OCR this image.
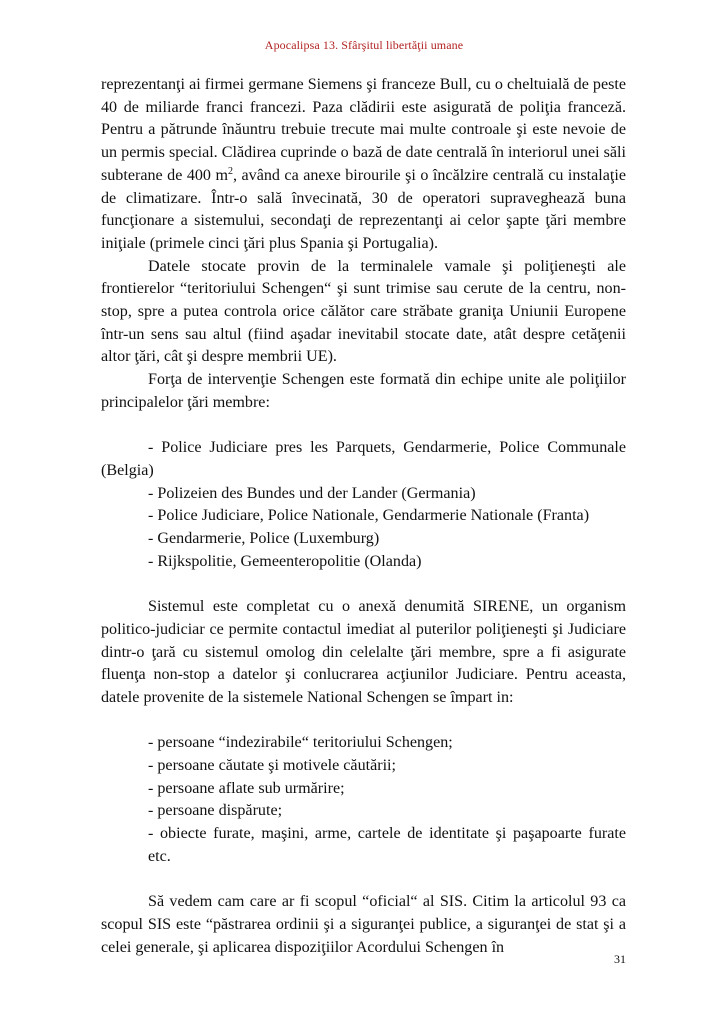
Apocalipsa 13. Sfârşitul libertăţii umane

reprezentanţi ai firmei germane Siemens şi franceze Bull, cu o cheltuială de peste 40 de miliarde franci francezi. Paza clădirii este asigurată de poliţia franceză. Pentru a pătrunde înăuntru trebuie trecute mai multe controale şi este nevoie de un permis special. Clădirea cuprinde o bază de date centrală în interiorul unei săli subterane de 400 $m^2$, având ca anexe birourile şi o încălzire centrală cu instalaţie de climatizare. Într-o sală învecinată, 30 de operatori supraveghează buna funcţionare a sistemului, secondaţi de reprezentanţi ai celor şapte ţări membre iniţiale (primele cinci ţări plus Spania şi Portugalia).

Datele stocate provin de la terminalele vamale şi poliţieneşti ale frontierelor “teritoriului Schengen“ şi sunt trimise sau cerute de la centru, non-stop, spre a putea controla orice călător care străbate graniţa Uniunii Europene într-un sens sau altul (fiind aşadar inevitabil stocate date, atât despre cetăţenii altor ţări, cât şi despre membrii UE).

Forţa de intervenţie Schengen este formată din echipe unite ale poliţiilor principalelor ţări membre:

- Police Judiciare pres les Parquets, Gendarmerie, Police Communale (Belgia)
- Polizeien des Bundes und der Lander (Germania)
- Police Judiciare, Police Nationale, Gendarmerie Nationale (Franta)
- Gendarmerie, Police (Luxemburg)
- Rijkspolitie, Gemeenteropolitie (Olanda)

Sistemul este completat cu o anexă denumită SIRENE, un organism politico-judiciar ce permite contactul imediat al puterilor poliţieneşti şi Judiciare dintr-o ţară cu sistemul omolog din celelalte ţări membre, spre a fi asigurate fluenţa non-stop a datelor şi conlucrarea acţiunilor Judiciare. Pentru aceasta, datele provenite de la sistemele National Schengen se împart in:

- persoane “indezirabile“ teritoriului Schengen;
- persoane căutate şi motivele căutării;
- persoane aflate sub urmărire;
- persoane dispărute;
- obiecte furate, maşini, arme, cartele de identitate şi paşapoarte furate etc.

Să vedem cam care ar fi scopul “oficial“ al SIS. Citim la articolul 93 ca scopul SIS este “păstrarea ordinii şi a siguranţei publice, a siguranţei de stat şi a celei generale, şi aplicarea dispoziţiilor Acordului Schengen în

31
